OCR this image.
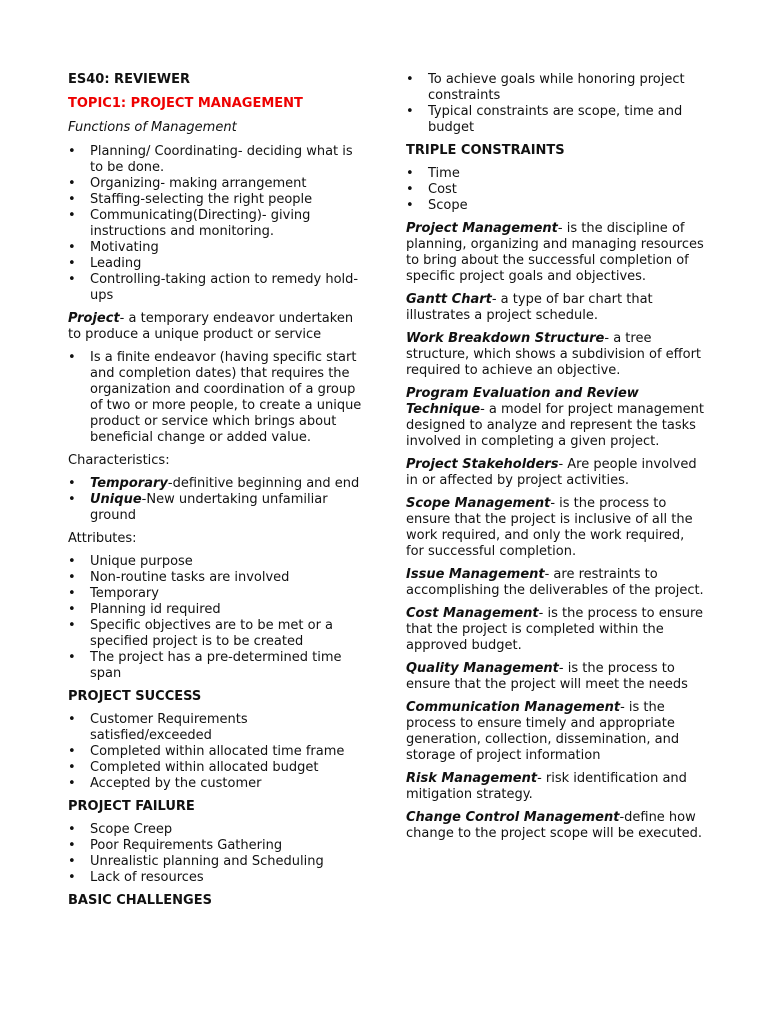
ES40: REVIEWER
TOPIC1: PROJECT MANAGEMENT
Functions of Management
• Planning/ Coordinating- deciding what is to be done.
• Organizing- making arrangement
• Staffing-selecting the right people
• Communicating(Directing)- giving instructions and monitoring.
• Motivating
• Leading
• Controlling-taking action to remedy hold-ups

Project- a temporary endeavor undertaken to produce a unique product or service

• Is a finite endeavor (having specific start and completion dates) that requires the organization and coordination of a group of two or more people, to create a unique product or service which brings about beneficial change or added value.

Characteristics:

• Temporary-definitive beginning and end
• Unique-New undertaking unfamiliar ground

Attributes:

• Unique purpose
• Non-routine tasks are involved
• Temporary
• Planning id required
• Specific objectives are to be met or a specified project is to be created
• The project has a pre-determined time span
PROJECT SUCCESS
• Customer Requirements satisfied/exceeded
• Completed within allocated time frame
• Completed within allocated budget
• Accepted by the customer
PROJECT FAILURE
• Scope Creep
• Poor Requirements Gathering
• Unrealistic planning and Scheduling
• Lack of resources
BASIC CHALLENGES
• To achieve goals while honoring project constraints
• Typical constraints are scope, time and budget
TRIPLE CONSTRAINTS
• Time
• Cost
• Scope

Project Management- is the discipline of planning, organizing and managing resources to bring about the successful completion of specific project goals and objectives.

Gantt Chart- a type of bar chart that illustrates a project schedule.

Work Breakdown Structure- a tree structure, which shows a subdivision of effort required to achieve an objective.

Program Evaluation and Review Technique- a model for project management designed to analyze and represent the tasks involved in completing a given project.

Project Stakeholders- Are people involved in or affected by project activities.

Scope Management- is the process to ensure that the project is inclusive of all the work required, and only the work required, for successful completion.

Issue Management- are restraints to accomplishing the deliverables of the project.

Cost Management- is the process to ensure that the project is completed within the approved budget.

Quality Management- is the process to ensure that the project will meet the needs

Communication Management- is the process to ensure timely and appropriate generation, collection, dissemination, and storage of project information

Risk Management- risk identification and mitigation strategy.

Change Control Management-define how change to the project scope will be executed.
